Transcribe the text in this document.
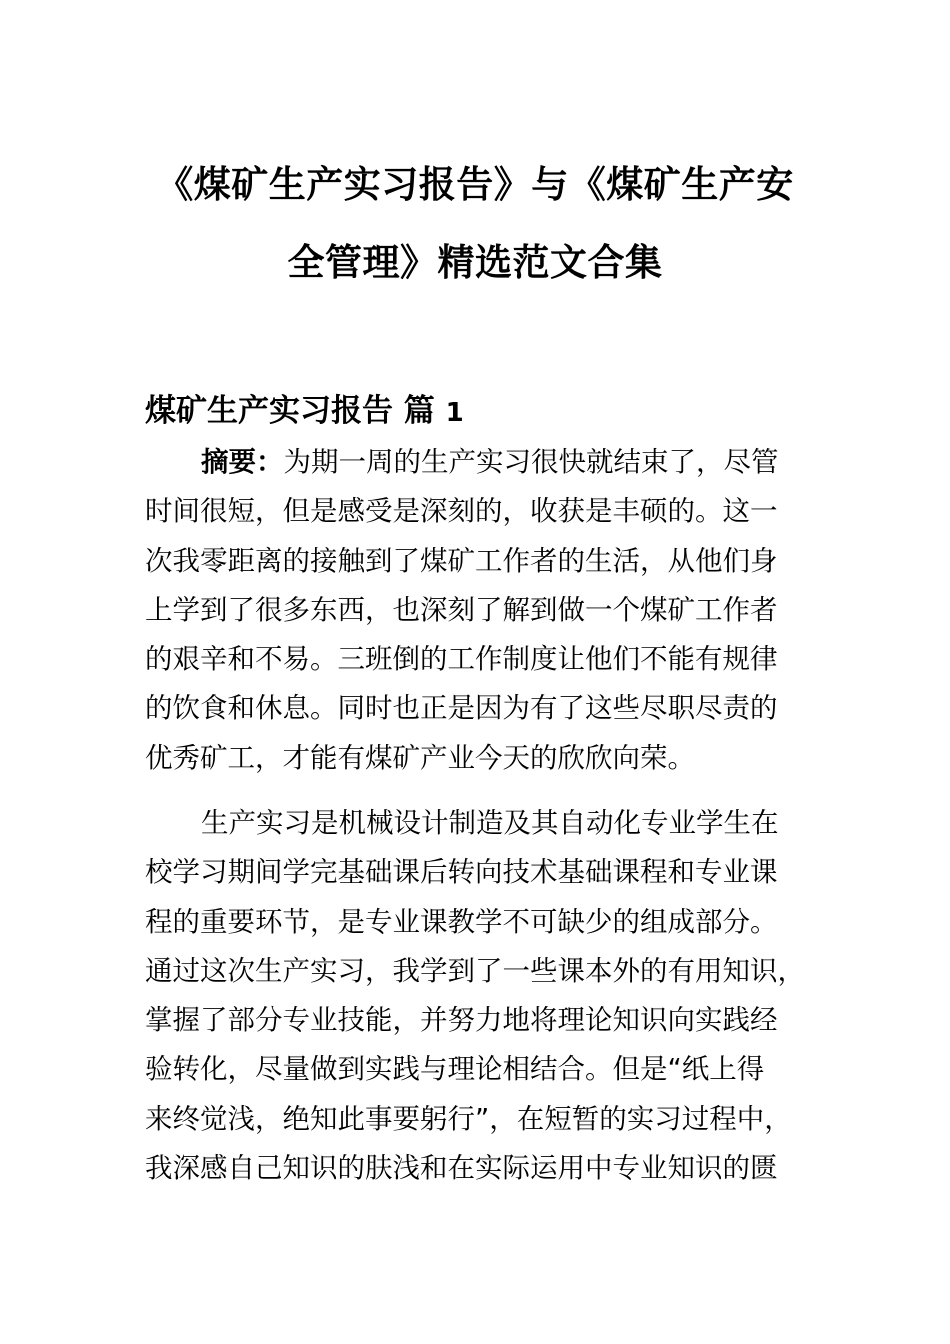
《煤矿生产实习报告》与《煤矿生产安
全管理》精选范文合集
煤矿生产实习报告 篇 1
摘要：为期一周的生产实习很快就结束了，尽管
时间很短，但是感受是深刻的，收获是丰硕的。这一
次我零距离的接触到了煤矿工作者的生活，从他们身
上学到了很多东西，也深刻了解到做一个煤矿工作者
的艰辛和不易。三班倒的工作制度让他们不能有规律
的饮食和休息。同时也正是因为有了这些尽职尽责的
优秀矿工，才能有煤矿产业今天的欣欣向荣。
生产实习是机械设计制造及其自动化专业学生在
校学习期间学完基础课后转向技术基础课程和专业课
程的重要环节，是专业课教学不可缺少的组成部分。
通过这次生产实习，我学到了一些课本外的有用知识，
掌握了部分专业技能，并努力地将理论知识向实践经
验转化，尽量做到实践与理论相结合。但是“纸上得
来终觉浅，绝知此事要躬行”，在短暂的实习过程中，
我深感自己知识的肤浅和在实际运用中专业知识的匮
